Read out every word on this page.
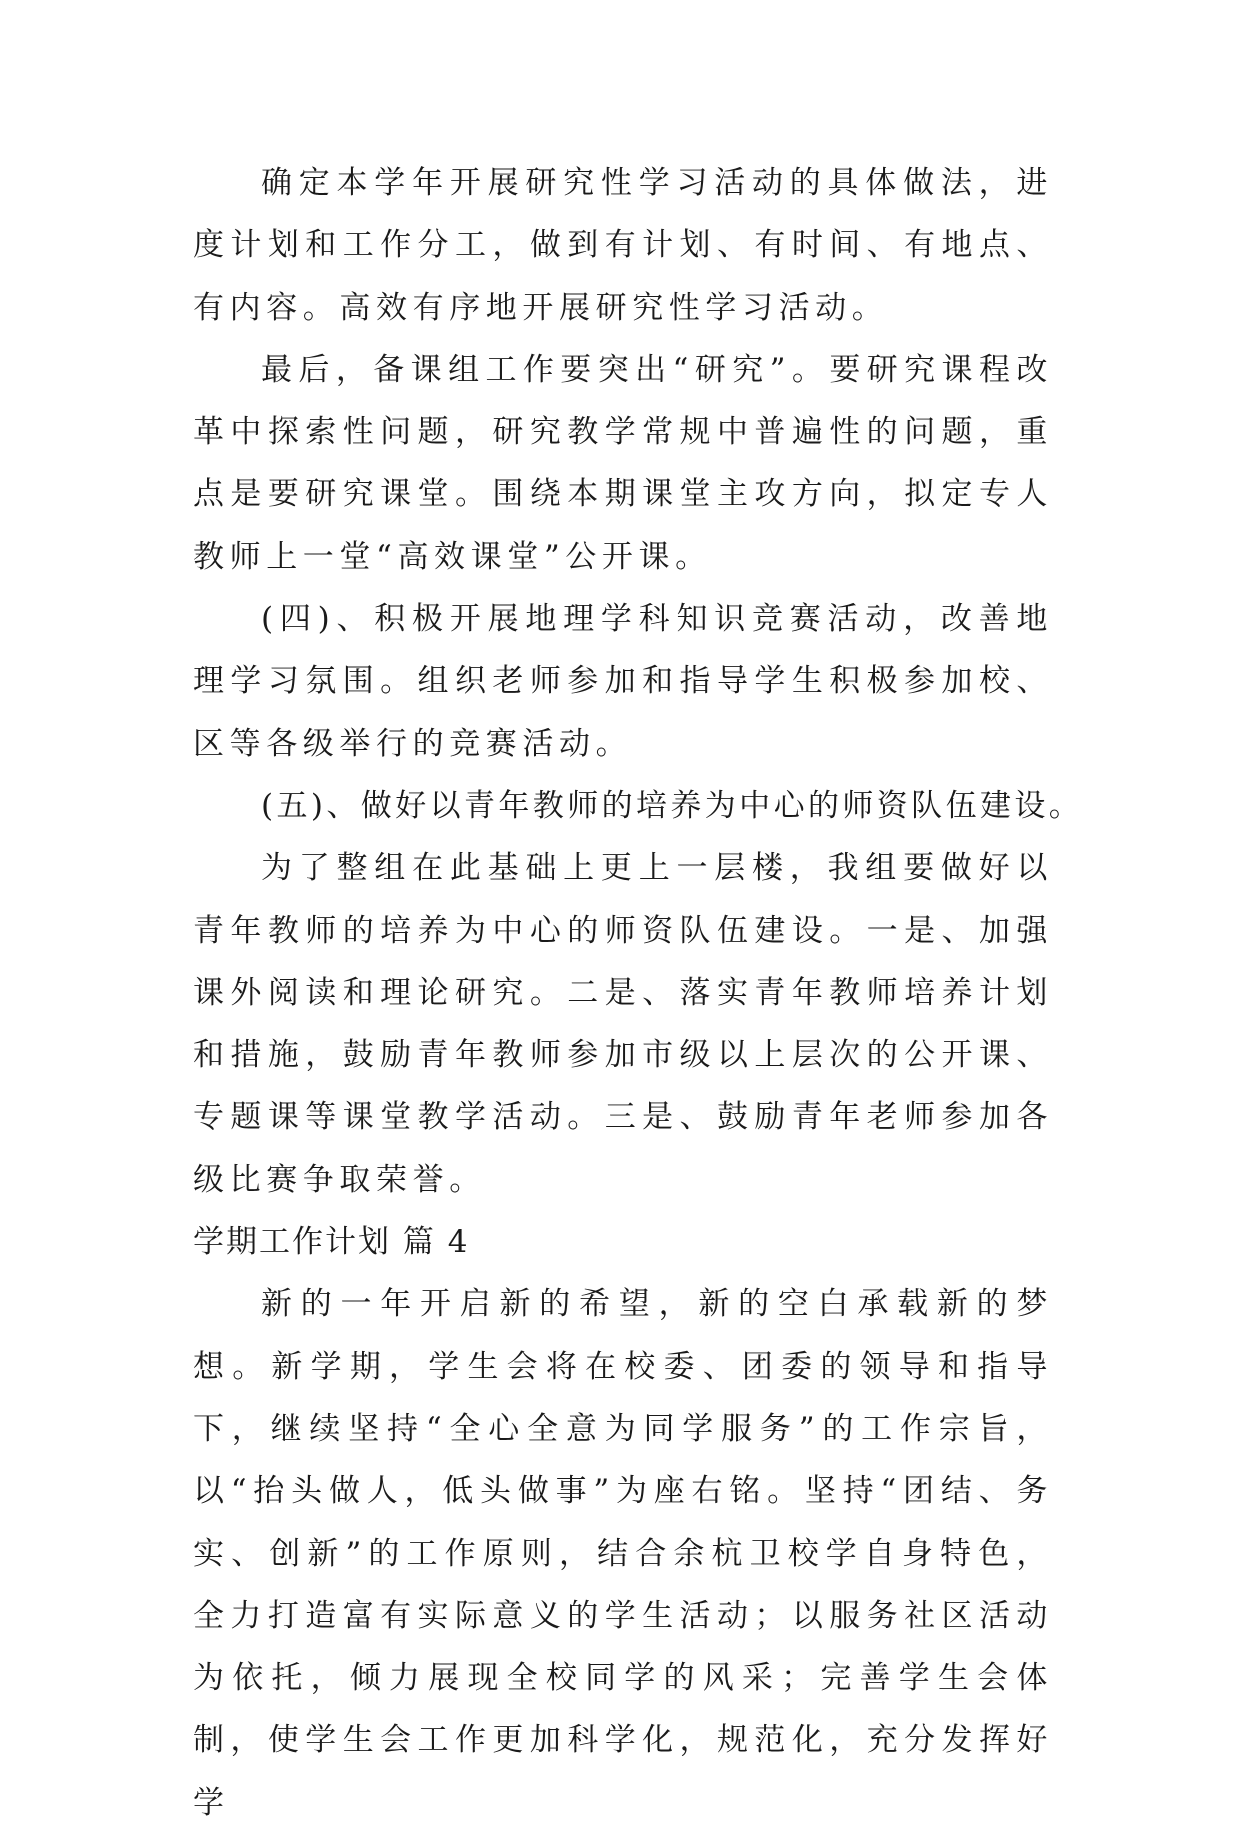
确定本学年开展研究性学习活动的具体做法，进度计划和工作分工，做到有计划、有时间、有地点、有内容。高效有序地开展研究性学习活动。

最后，备课组工作要突出“研究”。要研究课程改革中探索性问题，研究教学常规中普遍性的问题，重点是要研究课堂。围绕本期课堂主攻方向，拟定专人教师上一堂“高效课堂”公开课。

(四)、积极开展地理学科知识竞赛活动，改善地理学习氛围。组织老师参加和指导学生积极参加校、区等各级举行的竞赛活动。

(五)、做好以青年教师的培养为中心的师资队伍建设。

为了整组在此基础上更上一层楼，我组要做好以青年教师的培养为中心的师资队伍建设。一是、加强课外阅读和理论研究。二是、落实青年教师培养计划和措施，鼓励青年教师参加市级以上层次的公开课、专题课等课堂教学活动。三是、鼓励青年老师参加各级比赛争取荣誉。

学期工作计划 篇 4

新的一年开启新的希望，新的空白承载新的梦想。新学期，学生会将在校委、团委的领导和指导下，继续坚持“全心全意为同学服务”的工作宗旨，以“抬头做人，低头做事”为座右铭。坚持“团结、务实、创新”的工作原则，结合余杭卫校学自身特色，全力打造富有实际意义的学生活动；以服务社区活动为依托，倾力展现全校同学的风采；完善学生会体制，使学生会工作更加科学化，规范化，充分发挥好学
